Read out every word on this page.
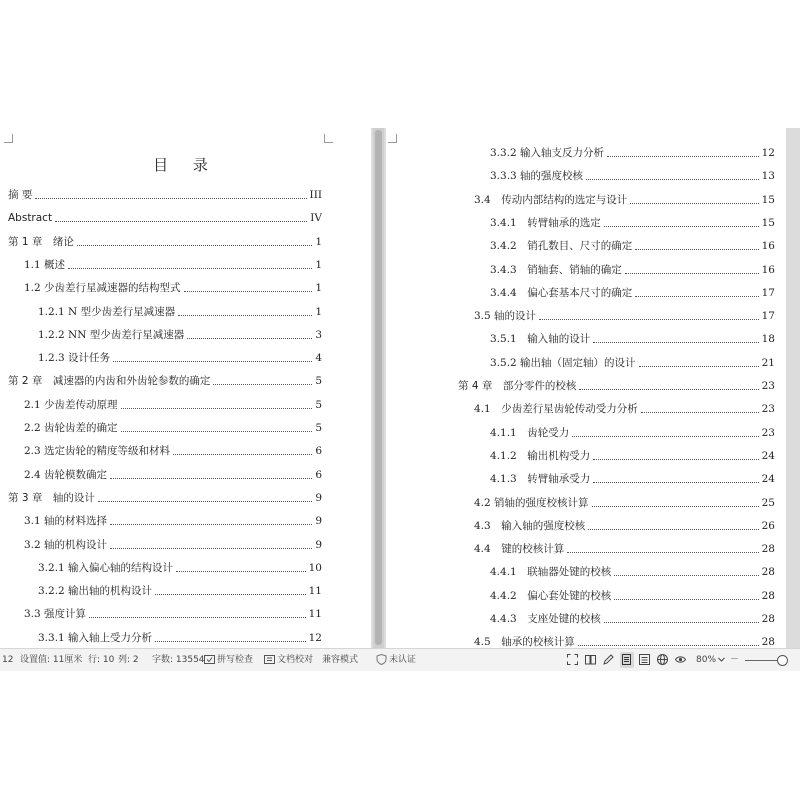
目 录
摘 要	III
Abstract	IV
第 1 章　绪论	1
1.1 概述	1
1.2 少齿差行星减速器的结构型式	1
1.2.1 N 型少齿差行星减速器	1
1.2.2 NN 型少齿差行星减速器	3
1.2.3 设计任务	4
第 2 章　减速器的内齿和外齿轮参数的确定	5
2.1 少齿差传动原理	5
2.2 齿轮齿差的确定	5
2.3 选定齿轮的精度等级和材料	6
2.4 齿轮模数确定	6
第 3 章　轴的设计	9
3.1 轴的材料选择	9
3.2 轴的机构设计	9
3.2.1 输入偏心轴的结构设计	10
3.2.2 输出轴的机构设计	11
3.3 强度计算	11
3.3.1 输入轴上受力分析	12
3.3.2 输入轴支反力分析	12
3.3.3 轴的强度校核	13
3.4　传动内部结构的选定与设计	15
3.4.1　转臂轴承的选定	15
3.4.2　销孔数目、尺寸的确定	16
3.4.3　销轴套、销轴的确定	16
3.4.4　偏心套基本尺寸的确定	17
3.5 轴的设计	17
3.5.1　输入轴的设计	18
3.5.2 输出轴（固定轴）的设计	21
第 4 章　部分零件的校核	23
4.1　少齿差行星齿轮传动受力分析	23
4.1.1　齿轮受力	23
4.1.2　输出机构受力	24
4.1.3　转臂轴承受力	24
4.2 销轴的强度校核计算	25
4.3　输入轴的强度校核	26
4.4　键的校核计算	28
4.4.1　联轴器处键的校核	28
4.4.2　偏心套处键的校核	28
4.4.3　支座处键的校核	28
4.5　轴承的校核计算	28
12 设置值: 11厘米 行: 10 列: 2 字数: 13554 拼写检查	文档校对 兼容模式	未认证	80% －
